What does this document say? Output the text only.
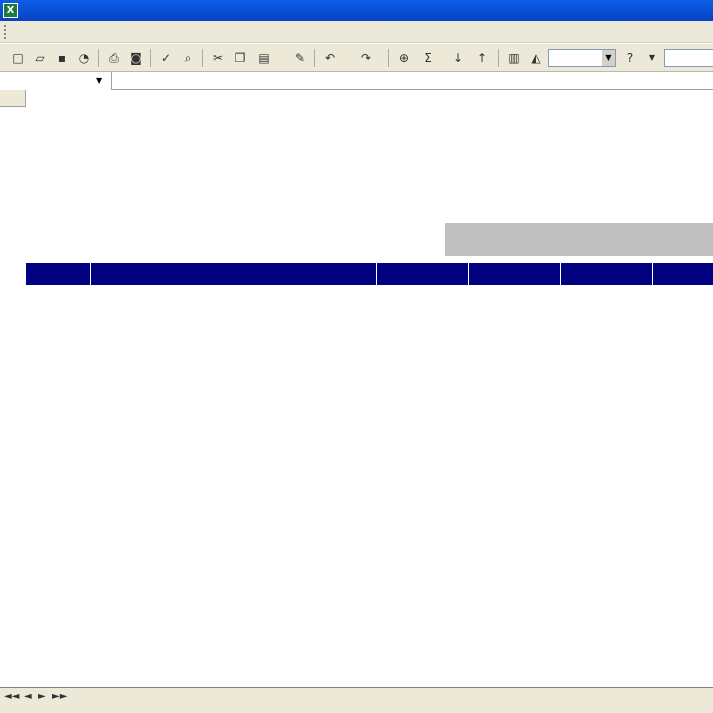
X
□ ▱	▪	◔	⎙ ◙	✓	⌕	✂ ❐	▤	✎	↶	↷	⊕	Σ	↓	↑	▥ ◭	▼	?	▼
▼
◄◄ ◄ ► ►►
